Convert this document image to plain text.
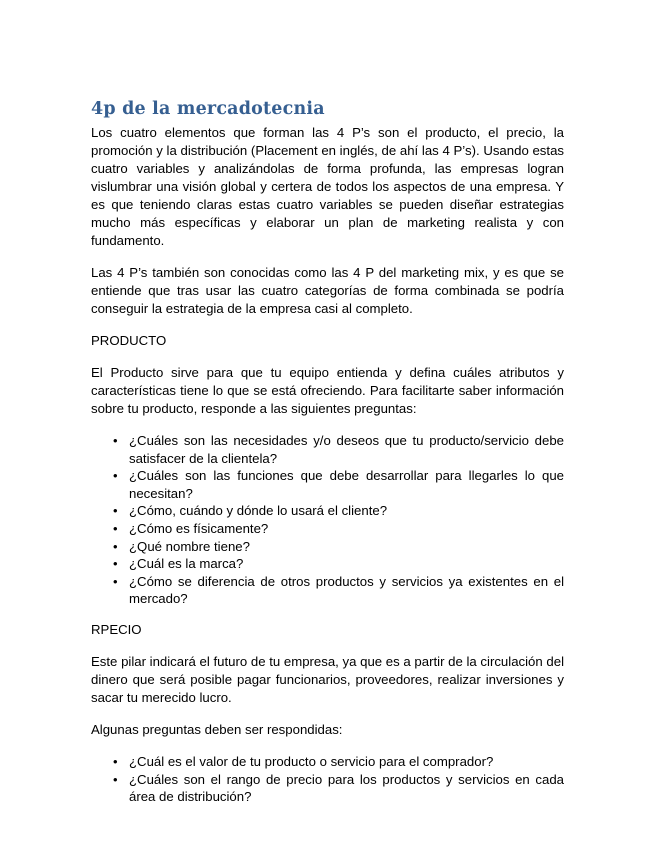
4p de la mercadotecnia

Los cuatro elementos que forman las 4 P’s son el producto, el precio, la promoción y la distribución (Placement en inglés, de ahí las 4 P’s). Usando estas cuatro variables y analizándolas de forma profunda, las empresas logran vislumbrar una visión global y certera de todos los aspectos de una empresa. Y es que teniendo claras estas cuatro variables se pueden diseñar estrategias mucho más específicas y elaborar un plan de marketing realista y con fundamento.

Las 4 P’s también son conocidas como las 4 P del marketing mix, y es que se entiende que tras usar las cuatro categorías de forma combinada se podría conseguir la estrategia de la empresa casi al completo.

PRODUCTO

El Producto sirve para que tu equipo entienda y defina cuáles atributos y características tiene lo que se está ofreciendo. Para facilitarte saber información sobre tu producto, responde a las siguientes preguntas:

• ¿Cuáles son las necesidades y/o deseos que tu producto/servicio debe satisfacer de la clientela?
• ¿Cuáles son las funciones que debe desarrollar para llegarles lo que necesitan?
• ¿Cómo, cuándo y dónde lo usará el cliente?
• ¿Cómo es físicamente?
• ¿Qué nombre tiene?
• ¿Cuál es la marca?
• ¿Cómo se diferencia de otros productos y servicios ya existentes en el mercado?

RPECIO

Este pilar indicará el futuro de tu empresa, ya que es a partir de la circulación del dinero que será posible pagar funcionarios, proveedores, realizar inversiones y sacar tu merecido lucro.

Algunas preguntas deben ser respondidas:

• ¿Cuál es el valor de tu producto o servicio para el comprador?
• ¿Cuáles son el rango de precio para los productos y servicios en cada área de distribución?
